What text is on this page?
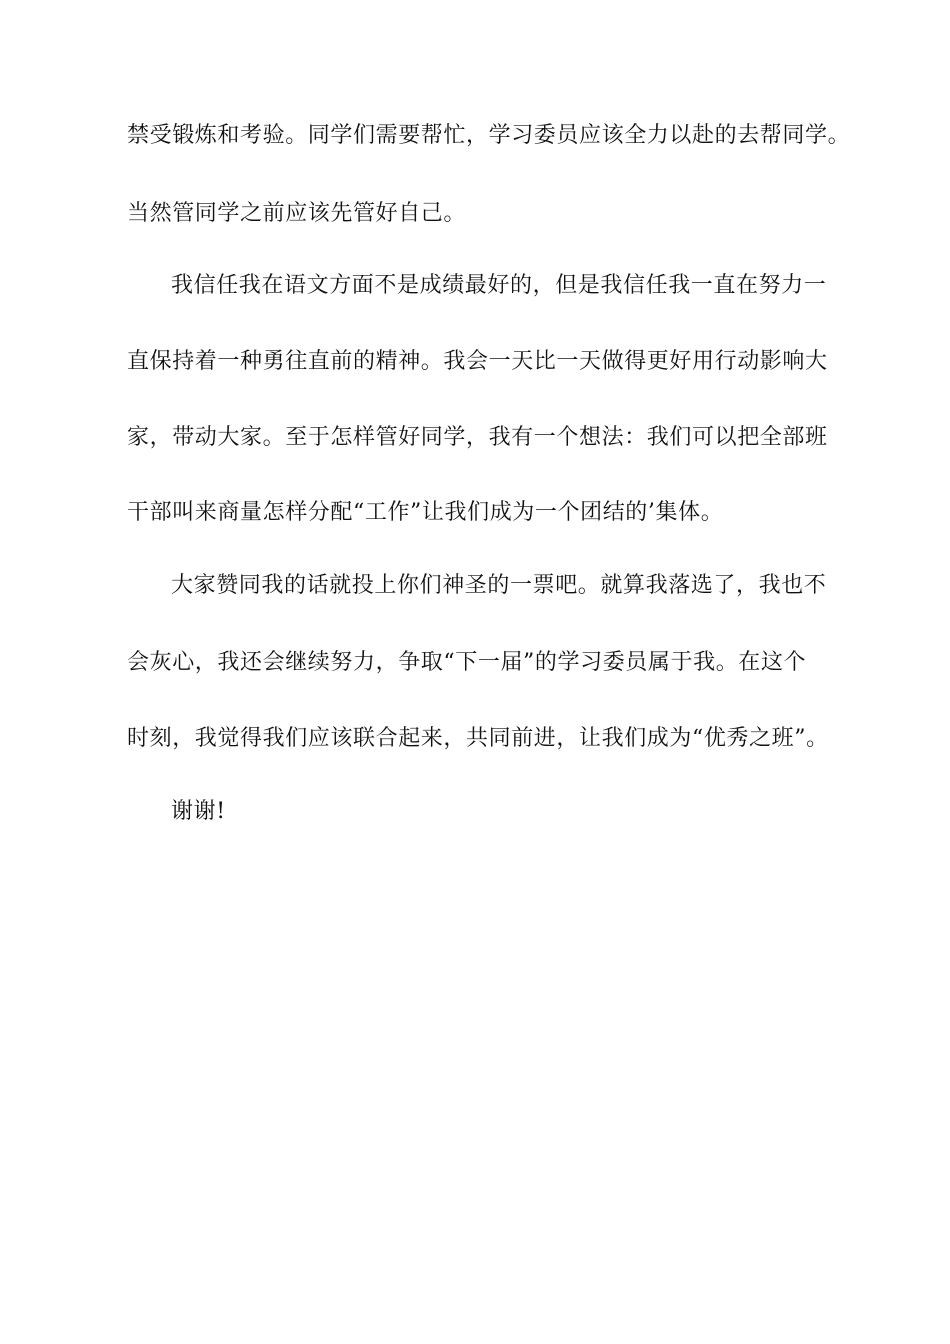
禁受锻炼和考验。同学们需要帮忙，学习委员应该全力以赴的去帮同学。
当然管同学之前应该先管好自己。
我信任我在语文方面不是成绩最好的，但是我信任我一直在努力一
直保持着一种勇往直前的精神。我会一天比一天做得更好用行动影响大
家，带动大家。至于怎样管好同学，我有一个想法：我们可以把全部班
干部叫来商量怎样分配“工作”让我们成为一个团结的’集体。
大家赞同我的话就投上你们神圣的一票吧。就算我落选了，我也不
会灰心，我还会继续努力，争取“下一届”的学习委员属于我。在这个
时刻，我觉得我们应该联合起来，共同前进，让我们成为“优秀之班”。
谢谢!
